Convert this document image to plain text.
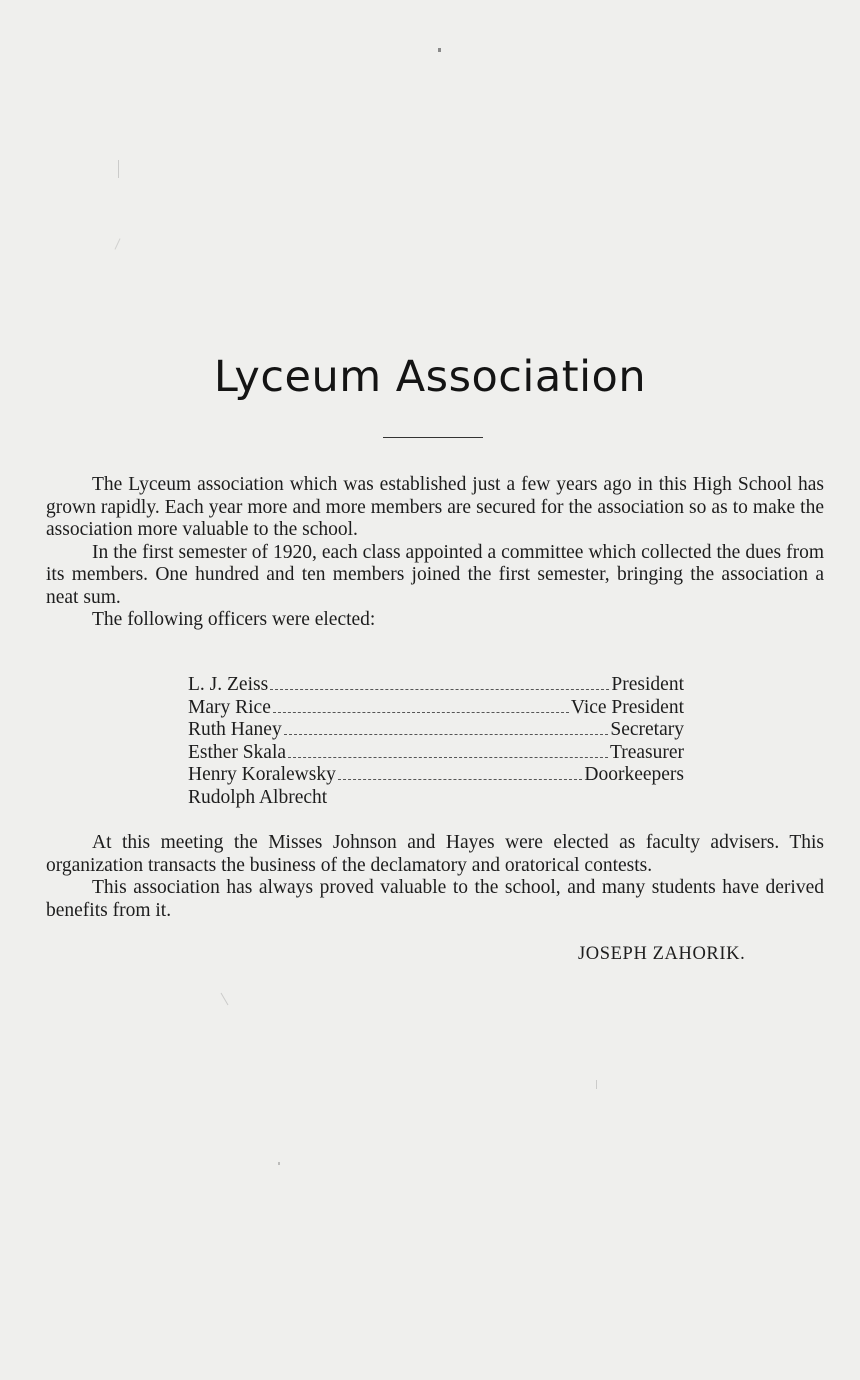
Lyceum Association

The Lyceum association which was established just a few years ago in this High School has grown rapidly. Each year more and more members are secured for the association so as to make the association more valuable to the school.

In the first semester of 1920, each class appointed a committee which collected the dues from its members. One hundred and ten members joined the first semester, bringing the association a neat sum.

The following officers were elected:

L. J. Zeiss	President
Mary Rice	Vice President
Ruth Haney	Secretary
Esther Skala	Treasurer
Henry Koralewsky	Doorkeepers
Rudolph Albrecht

At this meeting the Misses Johnson and Hayes were elected as faculty advisers. This organization transacts the business of the declamatory and oratorical contests.

This association has always proved valuable to the school, and many students have derived benefits from it.

JOSEPH ZAHORIK.
